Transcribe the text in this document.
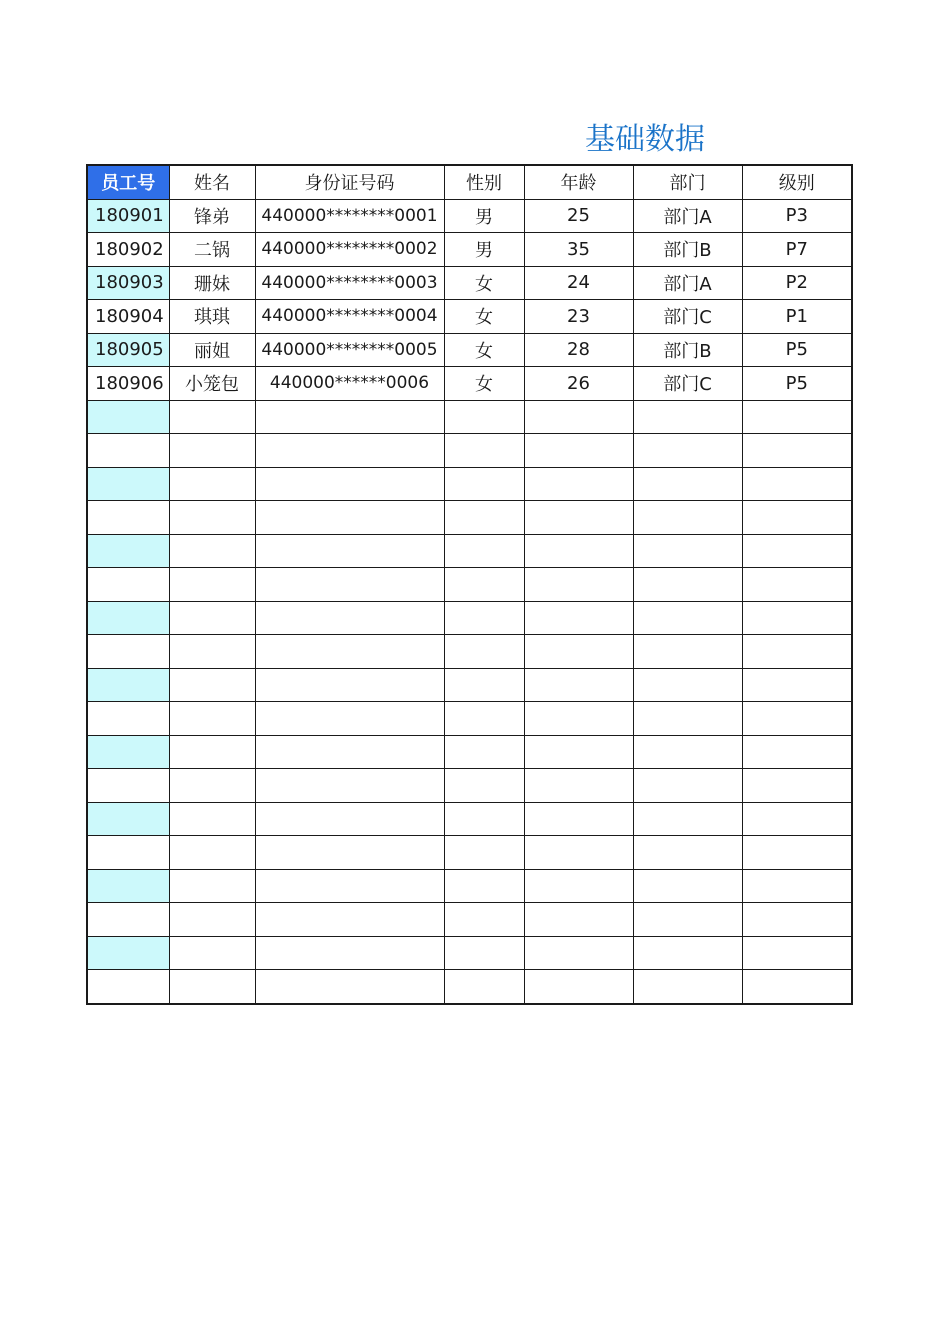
基础数据
员工号	姓名	身份证号码	性别	年龄	部门	级别
180901	锋弟	440000********0001	男	25	部门A	P3
180902	二锅	440000********0002	男	35	部门B	P7
180903	珊妹	440000********0003	女	24	部门A	P2
180904	琪琪	440000********0004	女	23	部门C	P1
180905	丽姐	440000********0005	女	28	部门B	P5
180906	小笼包	440000******0006	女	26	部门C	P5
